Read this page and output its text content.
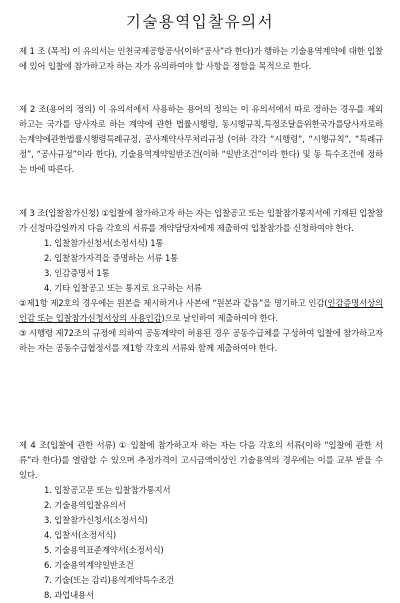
기술용역입찰유의서
제 1 조 (목적) 이 유의서는 인천국제공항공사(이하“공사”라 한다)가 행하는 기술용역계약에 대한 입찰에 있어 입찰에 참가하고자 하는 자가 유의하여야 할 사항을 정함을 목적으로 한다.
제 2 조(용어의 정의) 이 유의서에서 사용하는 용어의 정의는 이 유의서에서 따로 정하는 경우를 제외하고는 국가를 당사자로 하는 계약에 관한 법률시행령, 동시행규칙,특정조달을위한국가를당사자로하는계약에관한법률시행령특례규정, 공사계약사무처리규정 (이하 각각 “시행령”, “시행규칙”, “특례규정”, “공사규정”이라 한다), 기술용역계약일반조건(이하 “일반조건”이라 한다) 및 동 특수조건에 정하는 바에 따른다.
제 3 조(입찰참가신청) ①입찰에 참가하고자 하는 자는 입찰공고 또는 입찰참가통지서에 기재된 입찰참가 신청마감일까지 다음 각호의 서류를 계약담당자에게 제출하여 입찰참가를 신청하여야 한다.
1. 입찰참가신청서(소정서식) 1통
2. 입찰참가자격을 증명하는 서류 1통
3. 인감증명서 1통
4. 기타 입찰공고 또는 통지로 요구하는 서류
②제1항 제2호의 경우에는 원본을 제시하거나 사본에 “원본과 같음”을 명기하고 인감(인감증명서상의 인감 또는 입찰참가신청서상의 사용인감)으로 날인하여 제출하여야 한다.
③ 시행령 제72조의 규정에 의하여 공동계약이 허용된 경우 공동수급체를 구성하여 입찰에 참가하고자 하는 자는 공동수급협정서를 제1항 각호의 서류와 함께 제출하여야 한다.
제 4 조(입찰에 관한 서류) ① 입찰에 참가하고자 하는 자는 다음 각호의 서류(이하 “입찰에 관한 서류”라 한다)를 열람할 수 있으며 추정가격이 고시금액이상인 기술용역의 경우에는 이를 교부 받을 수 있다.
1. 입찰공고문 또는 입찰참가통지서
2. 기술용역입찰유의서
3. 입찰참가신청서(소정서식)
4. 입찰서(소정서식)
5. 기술용역표준계약서(소정서식)
6. 기술용역계약일반조건
7. 기술(또는 감리)용역계약특수조건
8. 과업내용서
